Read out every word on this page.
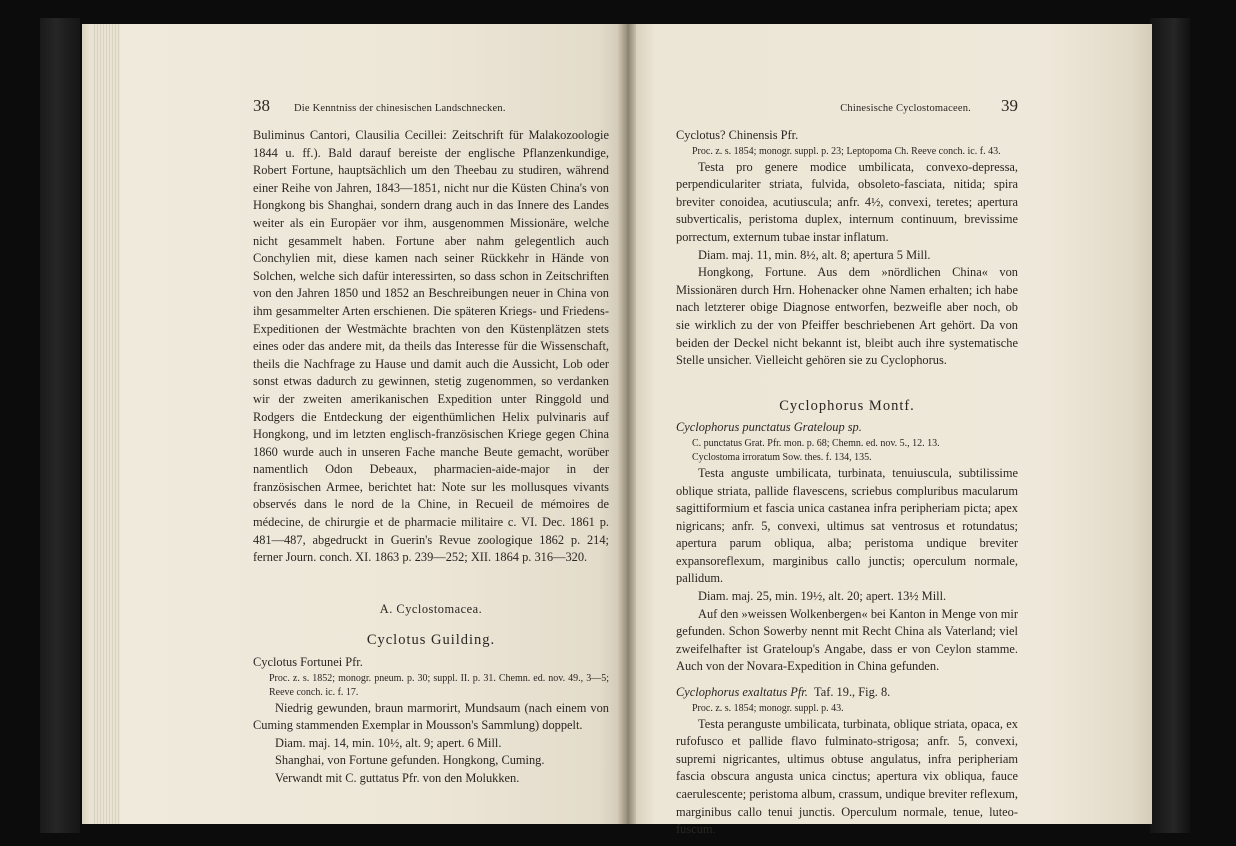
38 Die Kenntniss der chinesischen Landschnecken.

Buliminus Cantori, Clausilia Cecillei: Zeitschrift für Malakozoologie 1844 u. ff.). Bald darauf bereiste der englische Pflanzenkundige, Robert Fortune, hauptsächlich um den Theebau zu studiren, während einer Reihe von Jahren, 1843—1851, nicht nur die Küsten China's von Hongkong bis Shanghai, sondern drang auch in das Innere des Landes weiter als ein Europäer vor ihm, ausgenommen Missionäre, welche nicht gesammelt haben. Fortune aber nahm gelegentlich auch Conchylien mit, diese kamen nach seiner Rückkehr in Hände von Solchen, welche sich dafür interessirten, so dass schon in Zeitschriften von den Jahren 1850 und 1852 an Beschreibungen neuer in China von ihm gesammelter Arten erschienen. Die späteren Kriegs- und Friedens-Expeditionen der Westmächte brachten von den Küstenplätzen stets eines oder das andere mit, da theils das Interesse für die Wissenschaft, theils die Nachfrage zu Hause und damit auch die Aussicht, Lob oder sonst etwas dadurch zu gewinnen, stetig zugenommen, so verdanken wir der zweiten amerikanischen Expedition unter Ringgold und Rodgers die Entdeckung der eigenthümlichen Helix pulvinaris auf Hongkong, und im letzten englisch-französischen Kriege gegen China 1860 wurde auch in unseren Fache manche Beute gemacht, worüber namentlich Odon Debeaux, pharmacien-aide-major in der französischen Armee, berichtet hat: Note sur les mollusques vivants observés dans le nord de la Chine, in Recueil de mémoires de médecine, de chirurgie et de pharmacie militaire c. VI. Dec. 1861 p. 481—487, abgedruckt in Guerin's Revue zoologique 1862 p. 214; ferner Journ. conch. XI. 1863 p. 239—252; XII. 1864 p. 316—320.

A. Cyclostomacea.

Cyclotus Guilding.

Cyclotus Fortunei Pfr.

Proc. z. s. 1852; monogr. pneum. p. 30; suppl. II. p. 31. Chemn. ed. nov. 49., 3—5; Reeve conch. ic. f. 17.

Niedrig gewunden, braun marmorirt, Mundsaum (nach einem von Cuming stammenden Exemplar in Mousson's Sammlung) doppelt.

Diam. maj. 14, min. 10½, alt. 9; apert. 6 Mill.

Shanghai, von Fortune gefunden. Hongkong, Cuming.

Verwandt mit C. guttatus Pfr. von den Molukken.

Chinesische Cyclostomaceen. 39

Cyclotus? Chinensis Pfr.

Proc. z. s. 1854; monogr. suppl. p. 23; Leptopoma Ch. Reeve conch. ic. f. 43.

Testa pro genere modice umbilicata, convexo-depressa, perpendiculariter striata, fulvida, obsoleto-fasciata, nitida; spira breviter conoidea, acutiuscula; anfr. 4½, convexi, teretes; apertura subverticalis, peristoma duplex, internum continuum, brevissime porrectum, externum tubae instar inflatum.

Diam. maj. 11, min. 8½, alt. 8; apertura 5 Mill.

Hongkong, Fortune. Aus dem »nördlichen China« von Missionären durch Hrn. Hohenacker ohne Namen erhalten; ich habe nach letzterer obige Diagnose entworfen, bezweifle aber noch, ob sie wirklich zu der von Pfeiffer beschriebenen Art gehört. Da von beiden der Deckel nicht bekannt ist, bleibt auch ihre systematische Stelle unsicher. Vielleicht gehören sie zu Cyclophorus.

Cyclophorus Montf.

Cyclophorus punctatus Grateloup sp.

C. punctatus Grat. Pfr. mon. p. 68; Chemn. ed. nov. 5., 12. 13.

Cyclostoma irroratum Sow. thes. f. 134, 135.

Testa anguste umbilicata, turbinata, tenuiuscula, subtilissime oblique striata, pallide flavescens, scriebus compluribus macularum sagittiformium et fascia unica castanea infra peripheriam picta; apex nigricans; anfr. 5, convexi, ultimus sat ventrosus et rotundatus; apertura parum obliqua, alba; peristoma undique breviter expansoreflexum, marginibus callo junctis; operculum normale, pallidum.

Diam. maj. 25, min. 19½, alt. 20; apert. 13½ Mill.

Auf den »weissen Wolkenbergen« bei Kanton in Menge von mir gefunden. Schon Sowerby nennt mit Recht China als Vaterland; viel zweifelhafter ist Grateloup's Angabe, dass er von Ceylon stamme. Auch von der Novara-Expedition in China gefunden.

Cyclophorus exaltatus Pfr. Taf. 19., Fig. 8.

Proc. z. s. 1854; monogr. suppl. p. 43.

Testa peranguste umbilicata, turbinata, oblique striata, opaca, ex rufofusco et pallide flavo fulminato-strigosa; anfr. 5, convexi, supremi nigricantes, ultimus obtuse angulatus, infra peripheriam fascia obscura angusta unica cinctus; apertura vix obliqua, fauce caerulescente; peristoma album, crassum, undique breviter reflexum, marginibus callo tenui junctis. Operculum normale, tenue, luteo-fuscum.
